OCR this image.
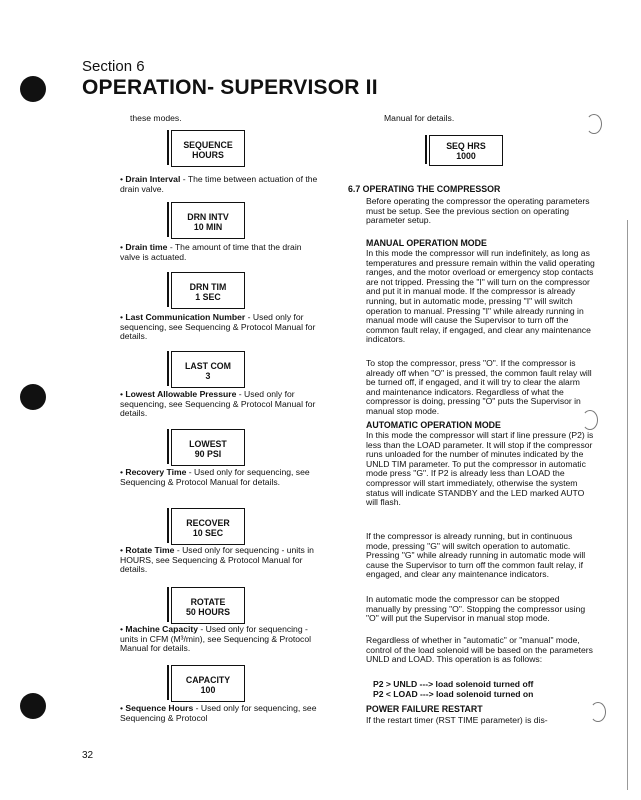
Section 6
OPERATION- SUPERVISOR II
these modes.
SEQUENCE
HOURS
• Drain Interval - The time between actuation of the drain valve.
DRN INTV
10 MIN
• Drain time - The amount of time that the drain valve is actuated.
DRN TIM
1 SEC
• Last Communication Number - Used only for sequencing, see Sequencing & Protocol Manual for details.
LAST COM
3
• Lowest Allowable Pressure - Used only for sequencing, see Sequencing & Protocol Manual for details.
LOWEST
90 PSI
• Recovery Time - Used only for sequencing, see Sequencing & Protocol Manual for details.
RECOVER
10 SEC
• Rotate Time - Used only for sequencing - units in HOURS, see Sequencing & Protocol Manual for details.
ROTATE
50 HOURS
• Machine Capacity - Used only for sequencing - units in CFM (M³/min), see Sequencing & Protocol Manual for details.
CAPACITY
100
• Sequence Hours - Used only for sequencing, see Sequencing & Protocol
Manual for details.
SEQ HRS
1000
6.7 OPERATING THE COMPRESSOR
Before operating the compressor the operating parameters must be setup. See the previous section on operating parameter setup.
MANUAL OPERATION MODE
In this mode the compressor will run indefinitely, as long as temperatures and pressure remain within the valid operating ranges, and the motor overload or emergency stop contacts are not tripped. Pressing the "I" will turn on the compressor and put it in manual mode. If the compressor is already running, but in automatic mode, pressing "I" will switch operation to manual. Pressing "I" while already running in manual mode will cause the Supervisor to turn off the common fault relay, if engaged, and clear any maintenance indicators.
To stop the compressor, press "O". If the compressor is already off when "O" is pressed, the common fault relay will be turned off, if engaged, and it will try to clear the alarm and maintenance indicators. Regardless of what the compressor is doing, pressing "O" puts the Supervisor in manual stop mode.
AUTOMATIC OPERATION MODE
In this mode the compressor will start if line pressure (P2) is less than the LOAD parameter. It will stop if the compressor runs unloaded for the number of minutes indicated by the UNLD TIM parameter. To put the compressor in automatic mode press "G". If P2 is already less than LOAD the compressor will start immediately, otherwise the system status will indicate STANDBY and the LED marked AUTO will flash.
If the compressor is already running, but in continuous mode, pressing "G" will switch operation to automatic. Pressing "G" while already running in automatic mode will cause the Supervisor to turn off the common fault relay, if engaged, and clear any maintenance indicators.
In automatic mode the compressor can be stopped manually by pressing "O". Stopping the compressor using "O" will put the Supervisor in manual stop mode.
Regardless of whether in "automatic" or "manual" mode, control of the load solenoid will be based on the parameters UNLD and LOAD. This operation is as follows:
P2 > UNLD ---> load solenoid turned off
P2 < LOAD ---> load solenoid turned on
POWER FAILURE RESTART
If the restart timer (RST TIME parameter) is dis-
32
